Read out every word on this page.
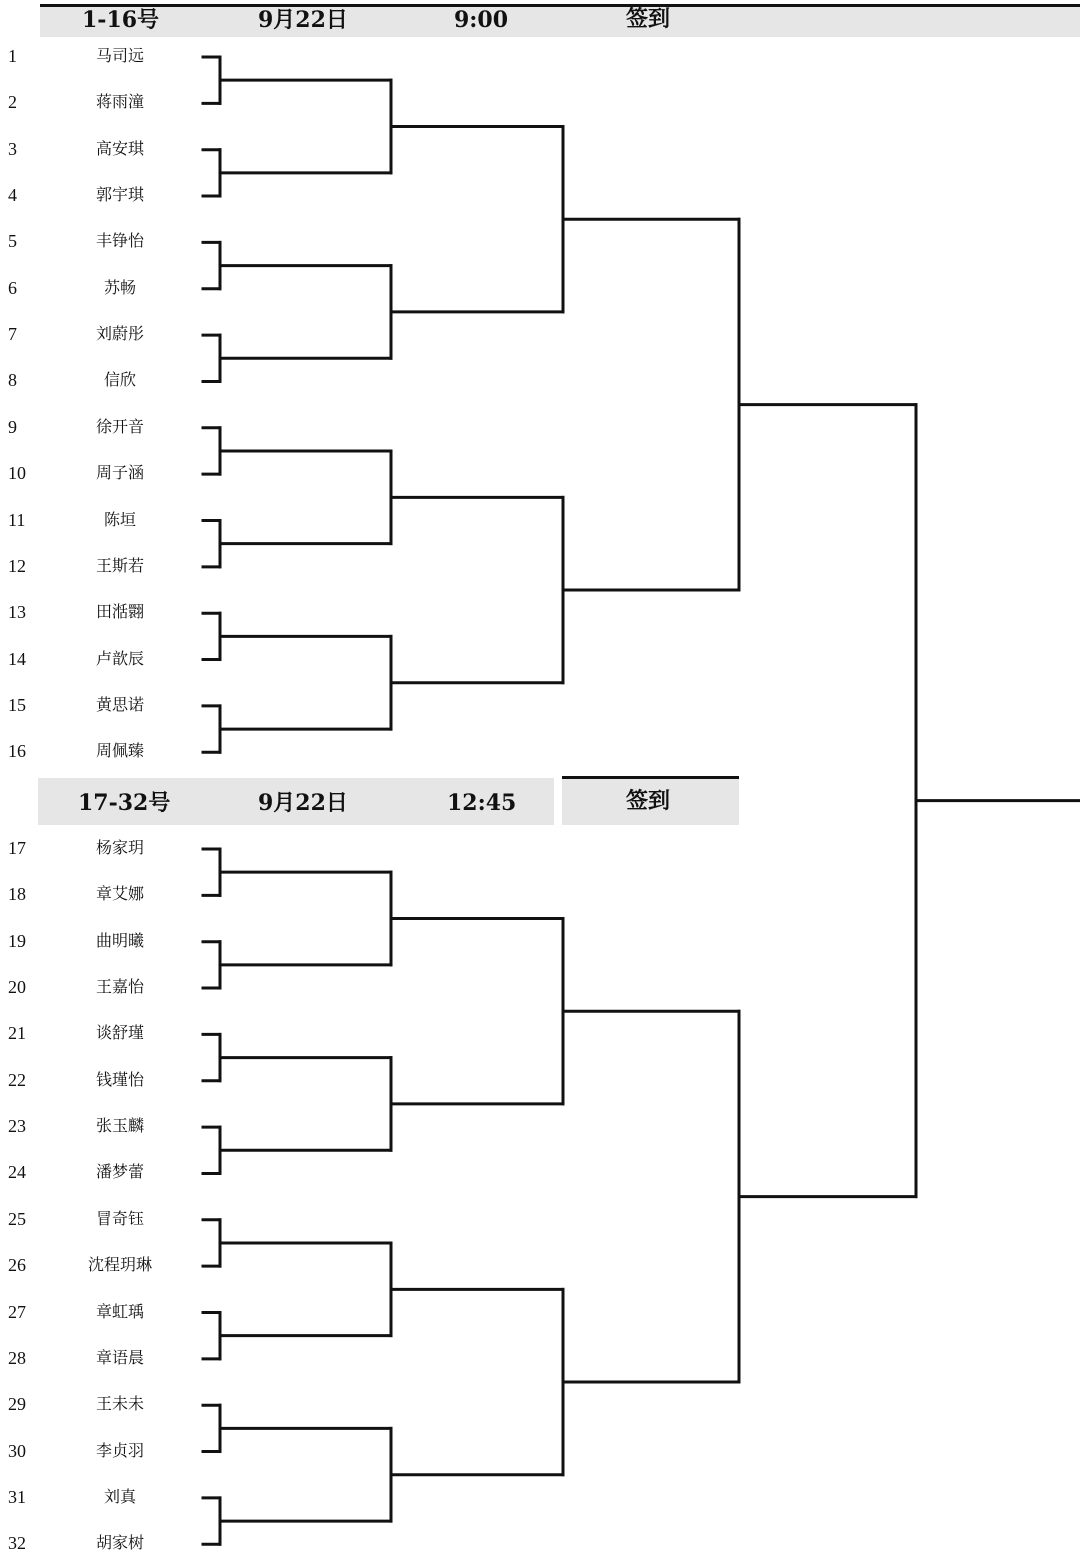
1-16号	9月22日	9:00	签到
17-32号	9月22日	12:45	签到
1	马司远
2	蒋雨潼
3	高安琪
4	郭宇琪
5	丰铮怡
6	苏畅
7	刘蔚彤
8	信欣
9	徐开音
10	周子涵
11	陈垣
12	王斯若
13	田湉翾
14	卢歆辰
15	黄思诺
16	周佩臻
17	杨家玥
18	章艾娜
19	曲明曦
20	王嘉怡
21	谈舒瑾
22	钱瑾怡
23	张玉麟
24	潘梦蕾
25	冒奇钰
26	沈程玥琳
27	章虹瑀
28	章语晨
29	王未未
30	李贞羽
31	刘真
32	胡家树
